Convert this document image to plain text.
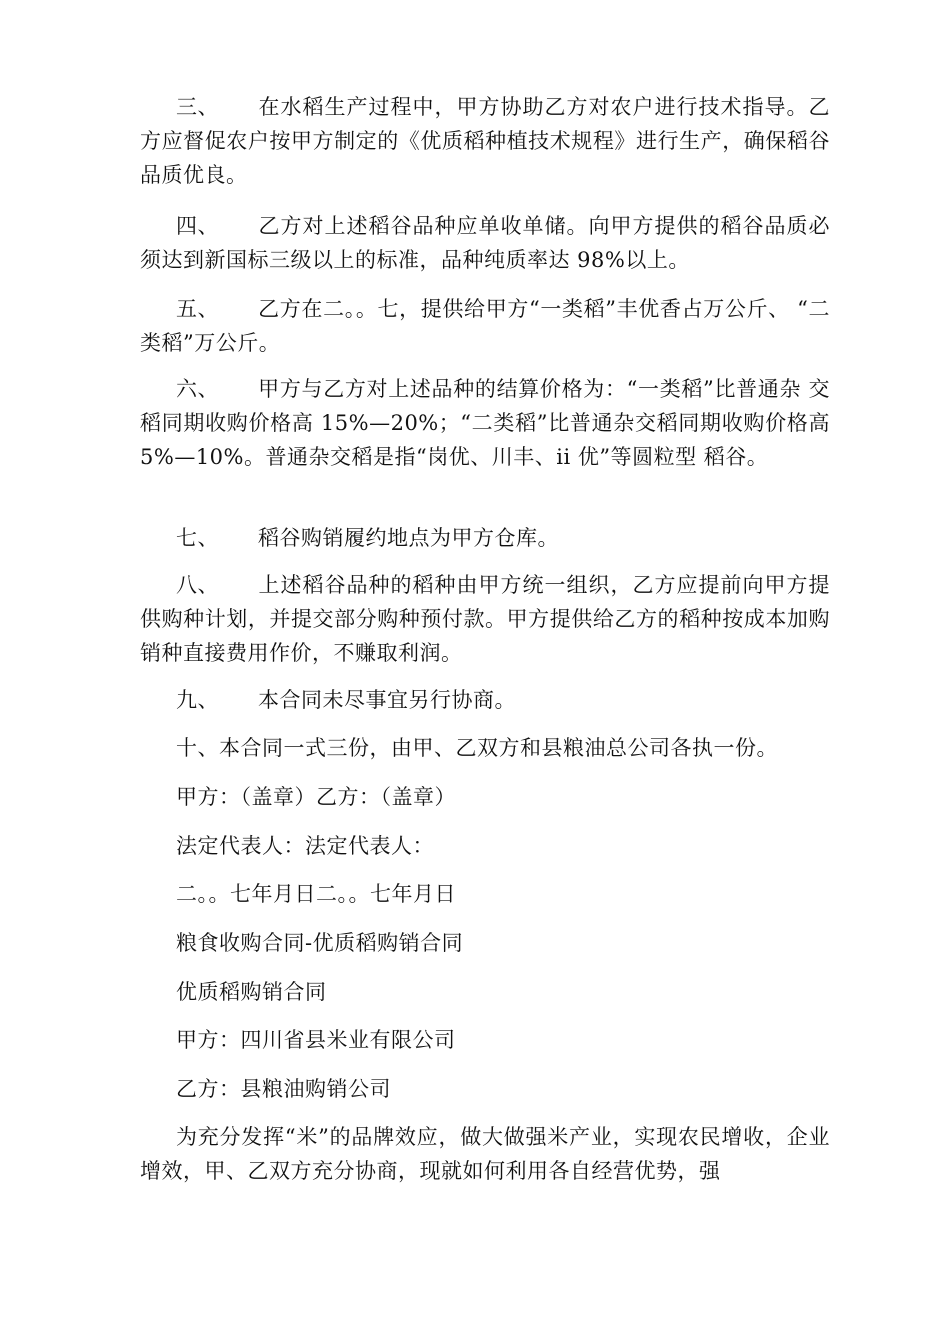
三、 在水稻生产过程中，甲方协助乙方对农户进行技术指导。乙 方应督促农户按甲方制定的《优质稻种植技术规程》进行生产，确保稻谷品质优良。

四、 乙方对上述稻谷品种应单收单储。向甲方提供的稻谷品质必 须达到新国标三级以上的标准，品种纯质率达 98%以上。

五、 乙方在二。。七，提供给甲方“一类稻”丰优香占万公斤、 “二类稻”万公斤。

六、 甲方与乙方对上述品种的结算价格为：“一类稻”比普通杂 交稻同期收购价格高 15%—20%；“二类稻”比普通杂交稻同期收购价格高 5%—10%。普通杂交稻是指“岗优、川丰、ii 优”等圆粒型 稻谷。

七、 稻谷购销履约地点为甲方仓库。

八、 上述稻谷品种的稻种由甲方统一组织，乙方应提前向甲方提 供购种计划，并提交部分购种预付款。甲方提供给乙方的稻种按成本加购销种直接费用作价，不赚取利润。

九、 本合同未尽事宜另行协商。

十、本合同一式三份，由甲、乙双方和县粮油总公司各执一份。

甲方：（盖章）乙方：（盖章）

法定代表人：法定代表人：

二。。七年月日二。。七年月日

粮食收购合同-优质稻购销合同

优质稻购销合同

甲方：四川省县米业有限公司

乙方：县粮油购销公司

为充分发挥“米”的品牌效应，做大做强米产业，实现农民增收，企业增效，甲、乙双方充分协商，现就如何利用各自经营优势，强
